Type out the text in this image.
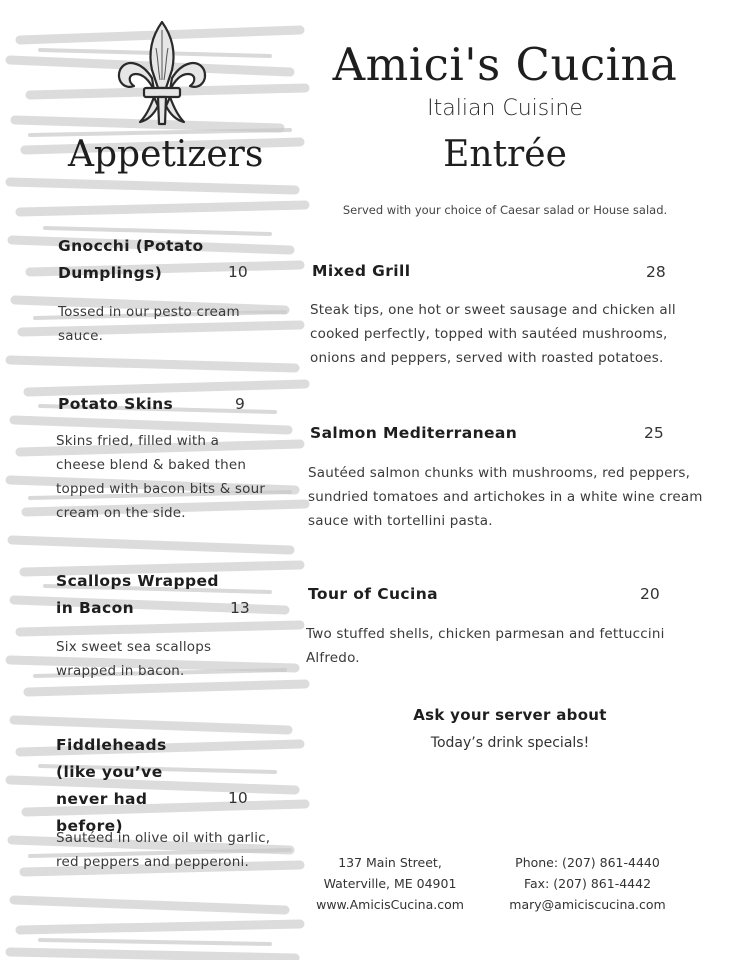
Amici's Cucina
Italian Cuisine
Appetizers	Entrée
Served with your choice of Caesar salad or House salad.
Gnocchi (Potato Dumplings)	10
Tossed in our pesto cream sauce.
Potato Skins	9
Skins fried, filled with a cheese blend & baked then topped with bacon bits & sour cream on the side.
Scallops Wrapped in Bacon	13
Six sweet sea scallops wrapped in bacon.
Fiddleheads (like you’ve never had before)
10
Sautéed in olive oil with garlic, red peppers and pepperoni.
Mixed Grill	28
Steak tips, one hot or sweet sausage and chicken all cooked perfectly, topped with sautéed mushrooms, onions and peppers, served with roasted potatoes.
Salmon Mediterranean	25
Sautéed salmon chunks with mushrooms, red peppers, sundried tomatoes and artichokes in a white wine cream sauce with tortellini pasta.
Tour of Cucina	20
Two stuffed shells, chicken parmesan and fettuccini Alfredo.
Ask your server about
Today’s drink specials!
137 Main Street,
Waterville, ME 04901
www.AmicisCucina.com
Phone: (207) 861-4440
Fax: (207) 861-4442
mary@amiciscucina.com
